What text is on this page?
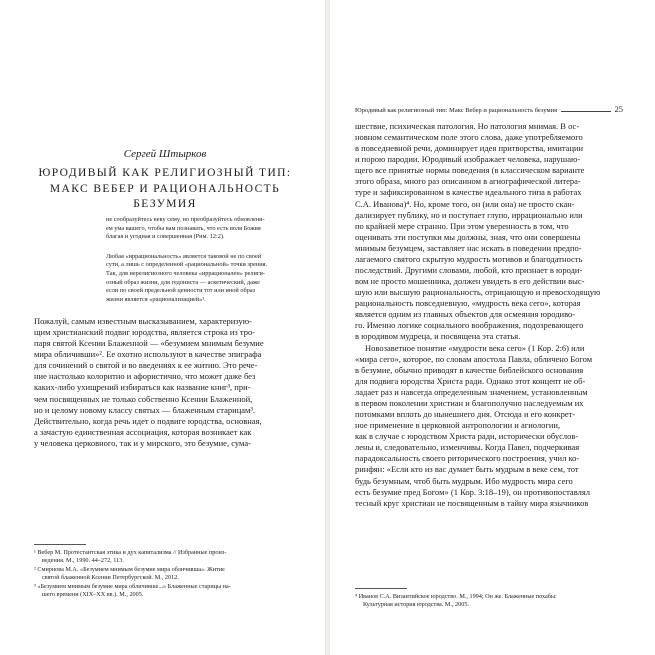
Сергей Штырков
ЮРОДИВЫЙ КАК РЕЛИГИОЗНЫЙ ТИП:
МАКС ВЕБЕР И РАЦИОНАЛЬНОСТЬ
БЕЗУМИЯ
не сообразуйтесь веку сему, но преобразуйтесь обновлени-
ем ума вашего, чтобы вам познавать, что есть воля Божия
благая и угодная и совершенная (Рим. 12:2).
Любая «иррациональность» является таковой не по своей
сути, а лишь с определенной «рациональной» точки зрения.
Так, для нерелигиозного человека «иррационален» религи-
озный образ жизни, для гедониста — аскетический, даже
если по своей предельной ценности тот или иной образ
жизни является «рационализацией»¹.
Пожалуй, самым известным высказыванием, характеризую-
щим христианский подвиг юродства, является строка из тро-
паря святой Ксении Блаженной — «безумием мнимым безумие
мира обличивши»². Ее охотно используют в качестве эпиграфа
для сочинений о святой и во введениях к ее житию. Это рече-
ние настолько колоритно и афористично, что может даже без
каких-либо ухищрений избираться как название книг³, при-
чем посвященных не только собственно Ксении Блаженной,
но и целому новому классу святых — блаженным старицам³.
Действительно, когда речь идет о подвиге юродства, основная,
а зачастую единственная ассоциация, которая возникает как
у человека церковного, так и у мирского, это безумие, сума-
¹ Вебер М. Протестантская этика и дух капитализма // Избранные произ-
ведения. М., 1990. 44–272, 113.
² Смирнова М.А. «Безумием мнимым безумие мира обличивша». Житие
святой блаженной Ксении Петербургской. М., 2012.
³ «Безумием мнимым безумие мира обличивше...» Блаженные старицы на-
шего времени (XIX–XX вв.). М., 2005.
Юродивый как религиозный тип: Макс Вебер и рациональность безумия	25
шествие, психическая патология. Но патология мнимая. В ос-
новном семантическом поле этого слова, даже употребляемого
в повседневной речи, доминирует идея притворства, имитации
и порою пародии. Юродивый изображает человека, нарушаю-
щего все принятые нормы поведения (в классическом варианте
этого образа, много раз описанном в агиографической литера-
туре и зафиксированном в качестве идеального типа в работах
С.А. Иванова)⁴. Но, кроме того, он (или она) не просто скан-
дализирует публику, но и поступает глупо, иррационально или
по крайней мере странно. При этом уверенность в том, что
оценивать эти поступки мы должны, зная, что они совершены
мнимым безумцем, заставляет нас искать в поведении предпо-
лагаемого святого скрытую мудрость мотивов и благодатность
последствий. Другими словами, любой, кто признает в юроди-
вом не просто мошенника, должен увидеть в его действии выс-
шую или высшую рациональность, отрицающую и превосходящую
рациональность повседневную, «мудрость века сего», которая
является одним из главных объектов для осмеяния юродиво-
го. Именно логике социального воображения, подозревающего
в юродивом мудреца, и посвящена эта статья.
Новозаветное понятие «мудрости века сего» (1 Кор. 2:6) или
«мира сего», которое, по словам апостола Павла, обличено Богом
в безумие, обычно приводят в качестве библейского основания
для подвига юродства Христа ради. Однако этот концепт не об-
ладает раз и навсегда определенным значением, установленным
в первом поколении христиан и благополучно наследуемым их
потомками вплоть до нынешнего дня. Отсюда и его конкрет-
ное применение в церковной антропологии и агиологии,
как в случае с юродством Христа ради, исторически обуслов-
лены и, следовательно, изменчивы. Когда Павел, подчеркивая
парадоксальность своего риторического построения, учил ко-
ринфян: «Если кто из вас думает быть мудрым в веке сем, тот
будь безумным, чтоб быть мудрым. Ибо мудрость мира сего
есть безумие пред Богом» (1 Кор. 3:18–19), он противопоставлял
тесный круг христиан не посвященным в тайну мира язычников
⁴ Иванов С.А. Византийское юродство. М., 1994; Он же. Блаженные похабы:
Культурная история юродства. М., 2005.
